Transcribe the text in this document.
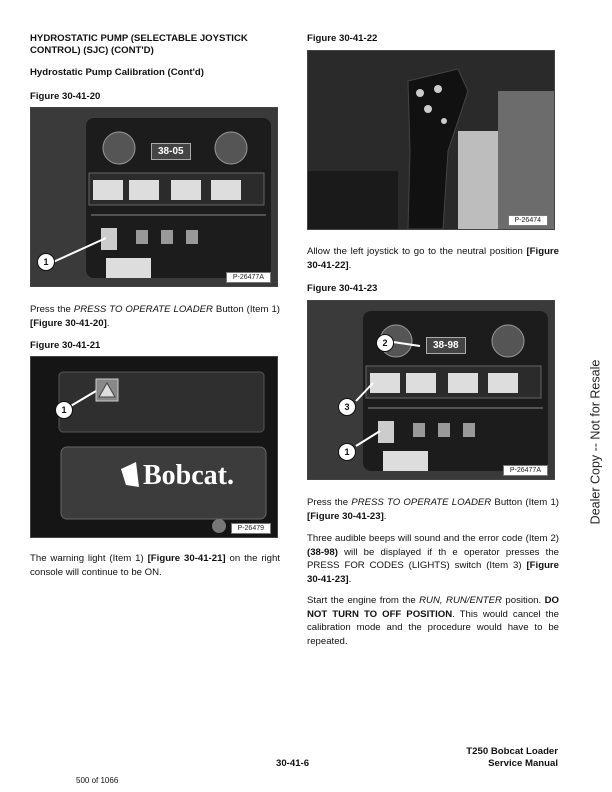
HYDROSTATIC PUMP (SELECTABLE JOYSTICK CONTROL) (SJC) (CONT'D)
Hydrostatic Pump Calibration (Cont'd)
Figure 30-41-20
38-05
1
P-26477A
Press the PRESS TO OPERATE LOADER Button (Item 1) [Figure 30-41-20].
Figure 30-41-21
Bobcat.
1
P-26479
The warning light (Item 1) [Figure 30-41-21] on the right console will continue to be ON.
Figure 30-41-22
P-26474
Allow the left joystick to go to the neutral position [Figure 30-41-22].
Figure 30-41-23
38-98
2
3
1
P-26477A
Press the PRESS TO OPERATE LOADER Button (Item 1) [Figure 30-41-23].
Three audible beeps will sound and the error code (Item 2) (38-98) will be displayed if th e operator presses the PRESS FOR CODES (LIGHTS) switch (Item 3) [Figure 30-41-23].
Start the engine from the RUN, RUN/ENTER position. DO NOT TURN TO OFF POSITION. This would cancel the calibration mode and the procedure would have to be repeated.
Dealer Copy -- Not for Resale
30-41-6
T250 Bobcat Loader
Service Manual
500 of 1066
